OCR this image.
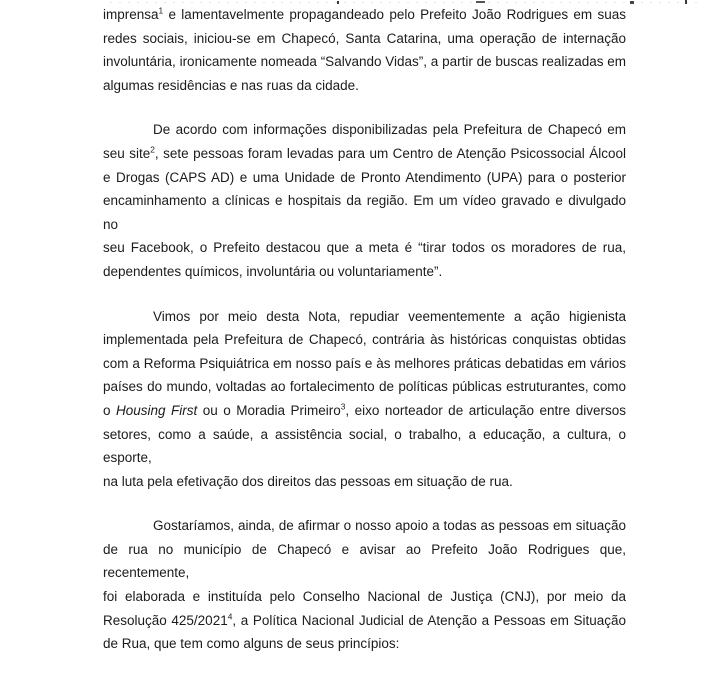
imprensa$^1$ e lamentavelmente propagandeado pelo Prefeito João Rodrigues em suas
redes sociais, iniciou-se em Chapecó, Santa Catarina, uma operação de internação
involuntária, ironicamente nomeada “Salvando Vidas”, a partir de buscas realizadas em
algumas residências e nas ruas da cidade.
De acordo com informações disponibilizadas pela Prefeitura de Chapecó em
seu site$^2$, sete pessoas foram levadas para um Centro de Atenção Psicossocial Álcool
e Drogas (CAPS AD) e uma Unidade de Pronto Atendimento (UPA) para o posterior
encaminhamento a clínicas e hospitais da região. Em um vídeo gravado e divulgado no
seu Facebook, o Prefeito destacou que a meta é “tirar todos os moradores de rua,
dependentes químicos, involuntária ou voluntariamente”.
Vimos por meio desta Nota, repudiar veementemente a ação higienista
implementada pela Prefeitura de Chapecó, contrária às históricas conquistas obtidas
com a Reforma Psiquiátrica em nosso país e às melhores práticas debatidas em vários
países do mundo, voltadas ao fortalecimento de políticas públicas estruturantes, como
o Housing First ou o Moradia Primeiro$^3$, eixo norteador de articulação entre diversos
setores, como a saúde, a assistência social, o trabalho, a educação, a cultura, o esporte,
na luta pela efetivação dos direitos das pessoas em situação de rua.
Gostaríamos, ainda, de afirmar o nosso apoio a todas as pessoas em situação
de rua no município de Chapecó e avisar ao Prefeito João Rodrigues que, recentemente,
foi elaborada e instituída pelo Conselho Nacional de Justiça (CNJ), por meio da
Resolução 425/2021$^4$, a Política Nacional Judicial de Atenção a Pessoas em Situação
de Rua, que tem como alguns de seus princípios:
